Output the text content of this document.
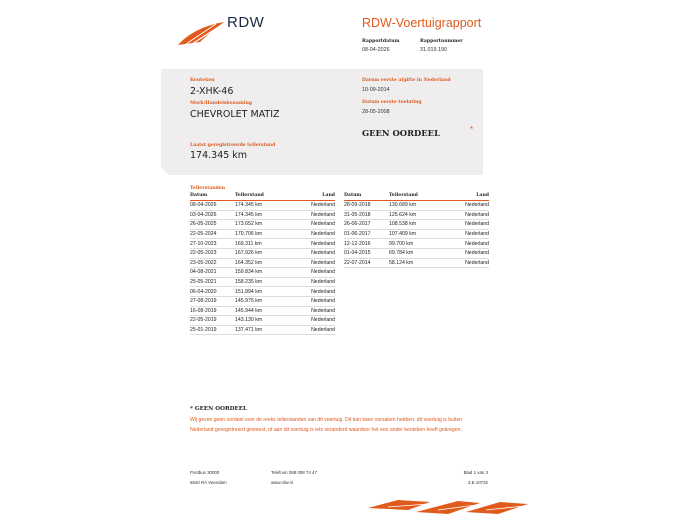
RDW	RDW-Voertuigrapport
Rapportdatum
08-04-2026
Rapportnummer
31.019.190
Kenteken
2-XHK-46
Merk/Handelsbenaming
CHEVROLET MATIZ
Laatst geregistreerde tellerstand
174.345 km
Datum eerste afgifte in Nederland
10-09-2014
Datum eerste toelating
28-05-2008
GEEN OORDEEL	*
Tellerstanden
Datum	Tellerstand	Land
08-04-2026	174.345 km	Nederland
03-04-2026	174.345 km	Nederland
26-05-2025	173.652 km	Nederland
22-05-2024	170.706 km	Nederland
27-10-2023	169.311 km	Nederland
22-05-2023	167.926 km	Nederland
23-05-2022	164.352 km	Nederland
04-08-2021	159.834 km	Nederland
25-05-2021	158.235 km	Nederland
06-04-2020	151.894 km	Nederland
27-08-2019	145.975 km	Nederland
16-08-2019	145.944 km	Nederland
22-05-2019	143.130 km	Nederland
25-01-2019	137.471 km	Nederland
Datum	Tellerstand	Land
28-09-2018	130.689 km	Nederland
31-05-2018	125.624 km	Nederland
26-06-2017	108.538 km	Nederland
01-06-2017	107.409 km	Nederland
12-12-2016	99.700 km	Nederland
01-04-2015	69.784 km	Nederland
22-07-2014	58.124 km	Nederland
* GEEN OORDEEL
Wij geven geen oordeel over de reeks tellerstanden van dit voertuig. Dit kan twee oorzaken hebben: dit voertuig is buiten Nederland geregistreerd geweest, of aan dit voertuig is iets veranderd waardoor het een ander kenteken heeft gekregen.
Postbus 30000
9640 RA Veendam
Telefoon 088 008 74 47
www.rdw.nl
Blad 1 van 3
3.E.10732
